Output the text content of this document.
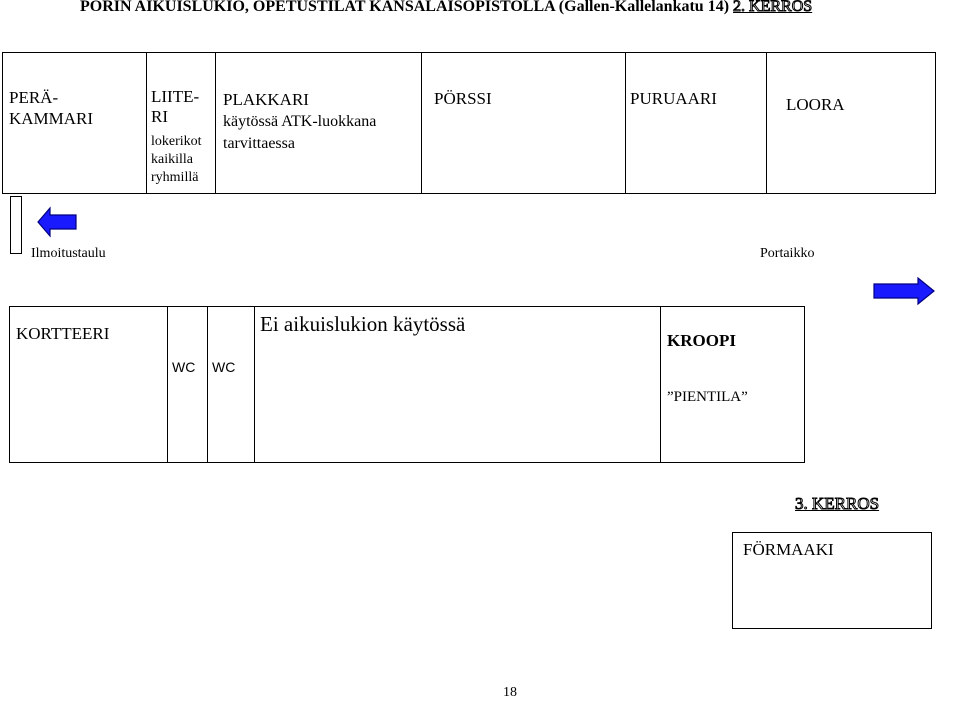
PORIN AIKUISLUKIO, OPETUSTILAT KANSALAISOPISTOLLA (Gallen-Kallelankatu 14) 2. KERROS
PERÄ-
KAMMARI
LIITE-
RI
lokerikot
kaikilla
ryhmillä
PLAKKARI
käytössä ATK-luokkana
tarvittaessa
PÖRSSI	PURUAARI	LOORA
Ilmoitustaulu	Portaikko
KORTTEERI
WC WC
Ei aikuislukion käytössä
KROOPI
”PIENTILA”
3. KERROS
FÖRMAAKI
18
